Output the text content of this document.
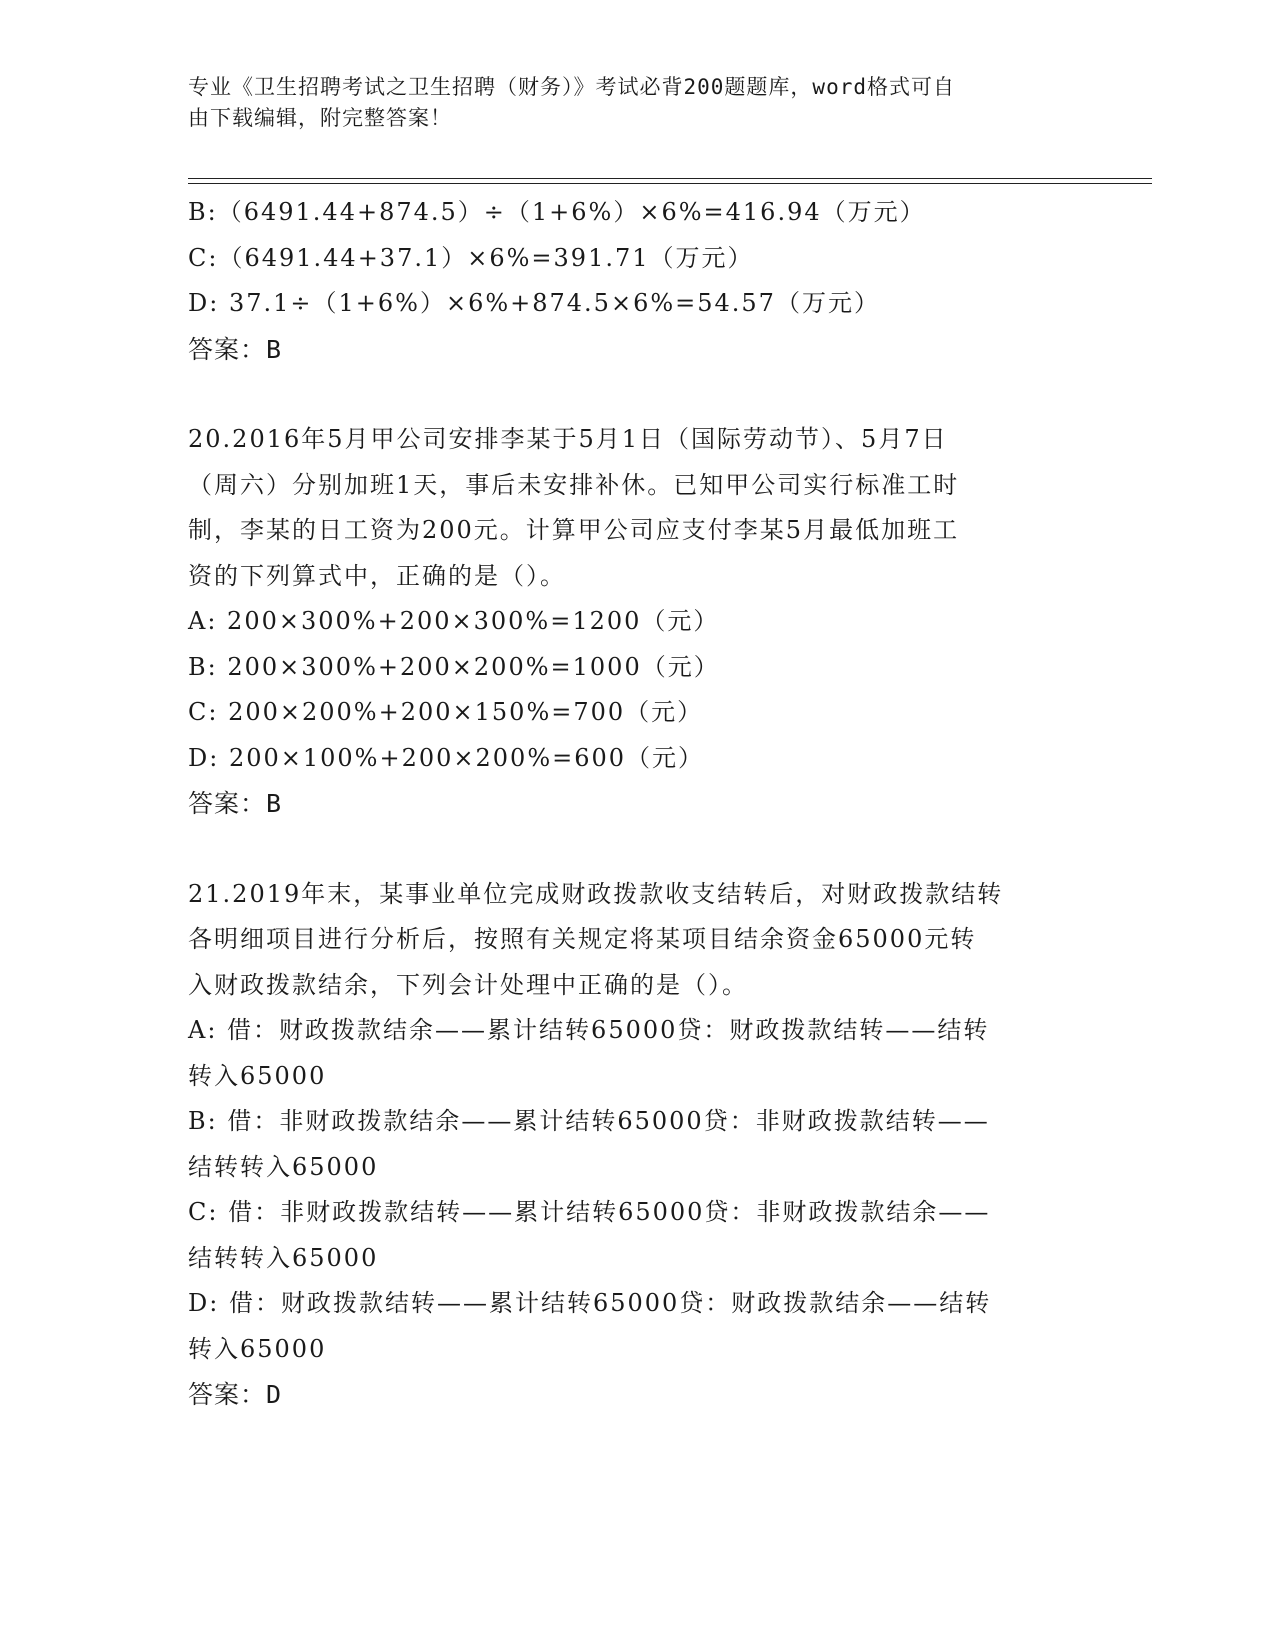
专业《卫生招聘考试之卫生招聘（财务）》考试必背200题题库，word格式可自
由下载编辑，附完整答案！
B:（6491.44+874.5）÷（1+6%）×6%=416.94（万元）
C:（6491.44+37.1）×6%=391.71（万元）
D: 37.1÷（1+6%）×6%+874.5×6%=54.57（万元）
答案：B
20.2016年5月甲公司安排李某于5月1日（国际劳动节）、5月7日
（周六）分别加班1天，事后未安排补休。已知甲公司实行标准工时
制，李某的日工资为200元。计算甲公司应支付李某5月最低加班工
资的下列算式中，正确的是（）。
A: 200×300%+200×300%=1200（元）
B: 200×300%+200×200%=1000（元）
C: 200×200%+200×150%=700（元）
D: 200×100%+200×200%=600（元）
答案：B
21.2019年末，某事业单位完成财政拨款收支结转后，对财政拨款结转
各明细项目进行分析后，按照有关规定将某项目结余资金65000元转
入财政拨款结余，下列会计处理中正确的是（）。
A: 借：财政拨款结余——累计结转65000贷：财政拨款结转——结转
转入65000
B: 借：非财政拨款结余——累计结转65000贷：非财政拨款结转——
结转转入65000
C: 借：非财政拨款结转——累计结转65000贷：非财政拨款结余——
结转转入65000
D: 借：财政拨款结转——累计结转65000贷：财政拨款结余——结转
转入65000
答案：D
